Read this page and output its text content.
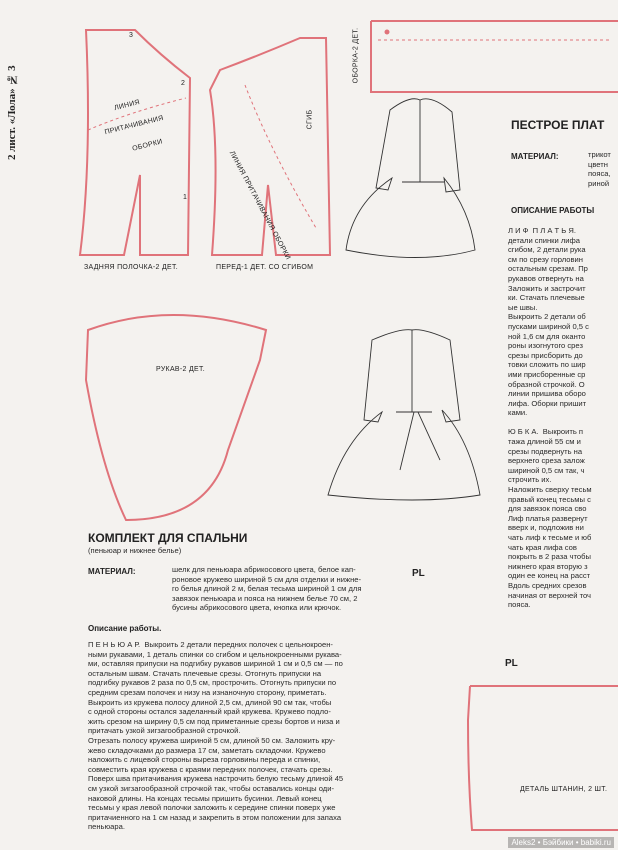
2 лист. «Лола» № 3
ЗАДНЯЯ ПОЛОЧКА-2 ДЕТ.	ПЕРЕД-1 ДЕТ. СО СГИБОМ
РУКАВ-2 ДЕТ.
ЛИНИЯ
ПРИТАЧИВАНИЯ
ОБОРКИ
СГИБ
ЛИНИЯ ПРИТАЧИВАНИЯ ОБОРКИ
ОБОРКА-2 ДЕТ.
ДЕТАЛЬ ШТАНИН, 2 ШТ.
1
2
3
ПЕСТРОЕ ПЛАТ
МАТЕРИАЛ:	трикот
цветн
пояса,
риной
ОПИСАНИЕ РАБОТЫ
Л И Ф  П Л А Т Ь Я.
детали спинки лифа
сгибом, 2 детали рука
см по срезу горловин
остальным срезам. Пр
рукавов отвернуть на
Заложить и застрочит
ки. Стачать плечевые
ые швы.
Выкроить 2 детали об
пусками шириной 0,5 с
ной 1,6 см для оканто
роны изогнутого срез
срезы присборить до
товки сложить по шир
ими присборенные ср
образной строчкой. О
линии пришива оборо
лифа. Оборки пришит
ками.

Ю Б К А.  Выкроить п
тажа длиной 55 см и
срезы подвернуть на
верхнего среза залож
шириной 0,5 см так, ч
строчить их.
Наложить сверху тесьм
правый конец тесьмы с
для завязок пояса сво
Лиф платья развернут
вверх и, подложив ни
чать лиф к тесьме и юб
чать края лифа сов
покрыть в 2 раза чтобы
нижнего края вторую з
один ее конец на расст
Вдоль средних срезов
начиная от верхней точ
пояса.
КОМПЛЕКТ ДЛЯ СПАЛЬНИ
(пеньюар и нижнее белье)
МАТЕРИАЛ:	шелк для пеньюара абрикосового цвета, белое кап-
роновое кружево шириной 5 см для отделки и нижне-
го белья длиной 2 м, белая тесьма шириной 1 см для
завязок пеньюара и пояса на нижнем белье 70 см, 2
бусины абрикосового цвета, кнопка или крючок.
PL
Описание работы.
П Е Н Ь Ю А Р.  Выкроить 2 детали передних полочек с цельнокроен-
ными рукавами, 1 деталь спинки со сгибом и цельнокроенными рукава-
ми, оставляя припуски на подгибку рукавов шириной 1 см и 0,5 см — по
остальным швам. Стачать плечевые срезы. Отогнуть припуски на
подгибку рукавов 2 раза по 0,5 см, прострочить. Отогнуть припуски по
средним срезам полочек и низу на изнаночную сторону, приметать.
Выкроить из кружева полосу длиной 2,5 см, длиной 90 см так, чтобы
с одной стороны остался заделанный край кружева. Кружево подло-
жить срезом на ширину 0,5 см под приметанные срезы бортов и низа и
притачать узкой зигзагообразной строчкой.
Отрезать полосу кружева шириной 5 см, длиной 50 см. Заложить кру-
жевo складочками до размера 17 см, заметать складочки. Кружево
наложить с лицевой стороны выреза горловины переда и спинки,
совместить края кружева с краями передних полочек, стачать срезы.
Поверх шва притачивания кружева настрочить белую тесьму длиной 45
см узкой зигзагообразной строчкой так, чтобы оставались концы оди-
наковой длины. На концах тесьмы пришить бусинки. Левый конец
тесьмы у края левой полочки заложить к середине спинки поверх уже
притачиенного на 1 см назад и закрепить в этом положении для запаха
пеньюара.
PL
Aleks2 • Бэйбики • babiki.ru
